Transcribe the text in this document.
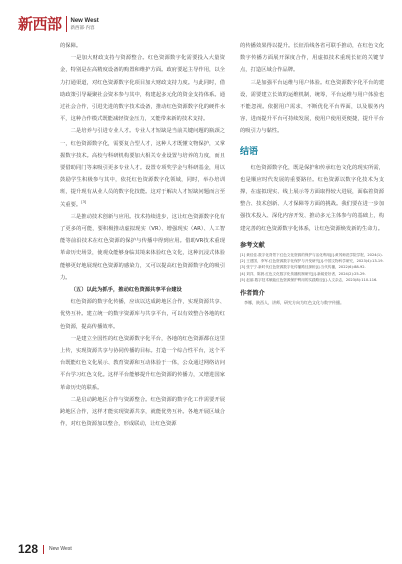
新西部 New West
新西部·内容

的保障。

一是加大财政支持与资源整合。红色资源数字化需要投入大量资金，特别是在高精度设备的购置和维护方面。政府要起主导作用，以全力打通渠道，对红色资源数字化项目加大财政支持力度。与此同时，借助政策引导凝聚社会资本参与其中，构建起多元化的资金支持体系。通过社会合作，引进先进的数字技术设备，推动红色资源数字化的硬件水平，这种合作模式既能减轻资金压力，又能带来新的技术支持。

二是培养与引进专业人才。专业人才短缺是当前关键问题的瓶颈之一，红色资源数字化，需要复合型人才，这种人才既懂文物保护，又掌握数字技术。高校与科研机构要加大相关专业设置与培养的力度，而且要借助同门等来吸引更多专业人才。设置专项奖学金与科研基金，用以鼓励学生积极参与其中，依托红色资源数字化领域，同时，举办培训班，提升现有从业人员的数字化技能。这对于解决人才短缺问题而言至关重要。[3]

三是推动技术创新与应用。技术持续进步，这让红色资源数字化有了更多的可能，要积极推动虚拟现实（VR）、增强现实（AR）、人工智能等前沿技术在红色资源的保护与传播中得到应用。借助VR技术重现革命历史场景，使观众能够身临其境来体验红色文化，这种沉浸式体验能够更好地展现红色资源的感染力，又可以提高红色资源数字化的吸引力。

（五）以此为抓手，推动红色资源共享平台建设

红色资源的数字化传播，应该以达成跨地区合作，实现资源共享、优势互补。建立统一的数字资源库与共享平台，可以有效整合各地的红色资源，提高传播效率。

一是建立全国性的红色资源数字化平台，各地的红色资源都在这里上传，实现资源共享与协同传播的目标。打造一个综合性平台，这个平台既能红色文化展示、教育资源和互动体验于一体，公众通过网络访问平台学习红色文化。这样平台能够提升红色资源的传播力，又增进国家革命历史的联系。

二是启动跨地区合作与资源整合。红色资源的数字化工作需要开展跨地区合作，这样才能实现资源共享，就能优势互补。各地开展区域合作，对红色资源加以整合，形成联动，让红色资源

的传播效果得以提升。长征沿线各省可联手推动，在红色文化数字传播方面展开深度合作，用虚拟技术重现长征的关键节点，打造区域合作品牌。

三是加强平台运维与用户体验。红色资源数字化平台的建设，需要建立长效的运维机制，统筹，平台运维与用户体验也不能忽视。依据用户需求，不断优化平台界面，以及服务内容，进而提升平台可持续发展，使用户使用更便捷，提升平台的吸引力与黏性。

结语

红色资源数字化，既是保护和传承红色文化的现实所需，也是顺应时代发展的重要路径。红色资源以数字化技术为支撑，在虚拟现实、线上展示等方面取得较大进展，面临着资源整合、技术创新、人才保障等方面的挑战。我们要在进一步加强技术投入、深化内容开发、推动多元主体参与的基础上，构建完善的红色资源数字化体系，让红色资源焕发新的生命力。

参考文献
[1] 黄佳佳.数字化背景下红色文化资源的保护与活化利用[J].黄冈师范学院学报，2024(1).
[2] 王建国，李军.红色资源数字化保护与开发研究[J].中国文物科学研究，2023(4):13-19.
[3] 张宁宁.新时代红色资源数字化传播路径探析[J].当代传播，2022(6):88-92.
[4] 刘洋，陈晨.红色文化数字化传播机制研究[J].新闻爱好者，2024(2):25-29.
[5] 赵丽.数字技术赋能红色资源保护利用的实践路径[J].人文杂志，2023(8):110-116.
作者简介
李娜，陕西人，讲师，研究方向为红色文化与数字传播。
128 New West
